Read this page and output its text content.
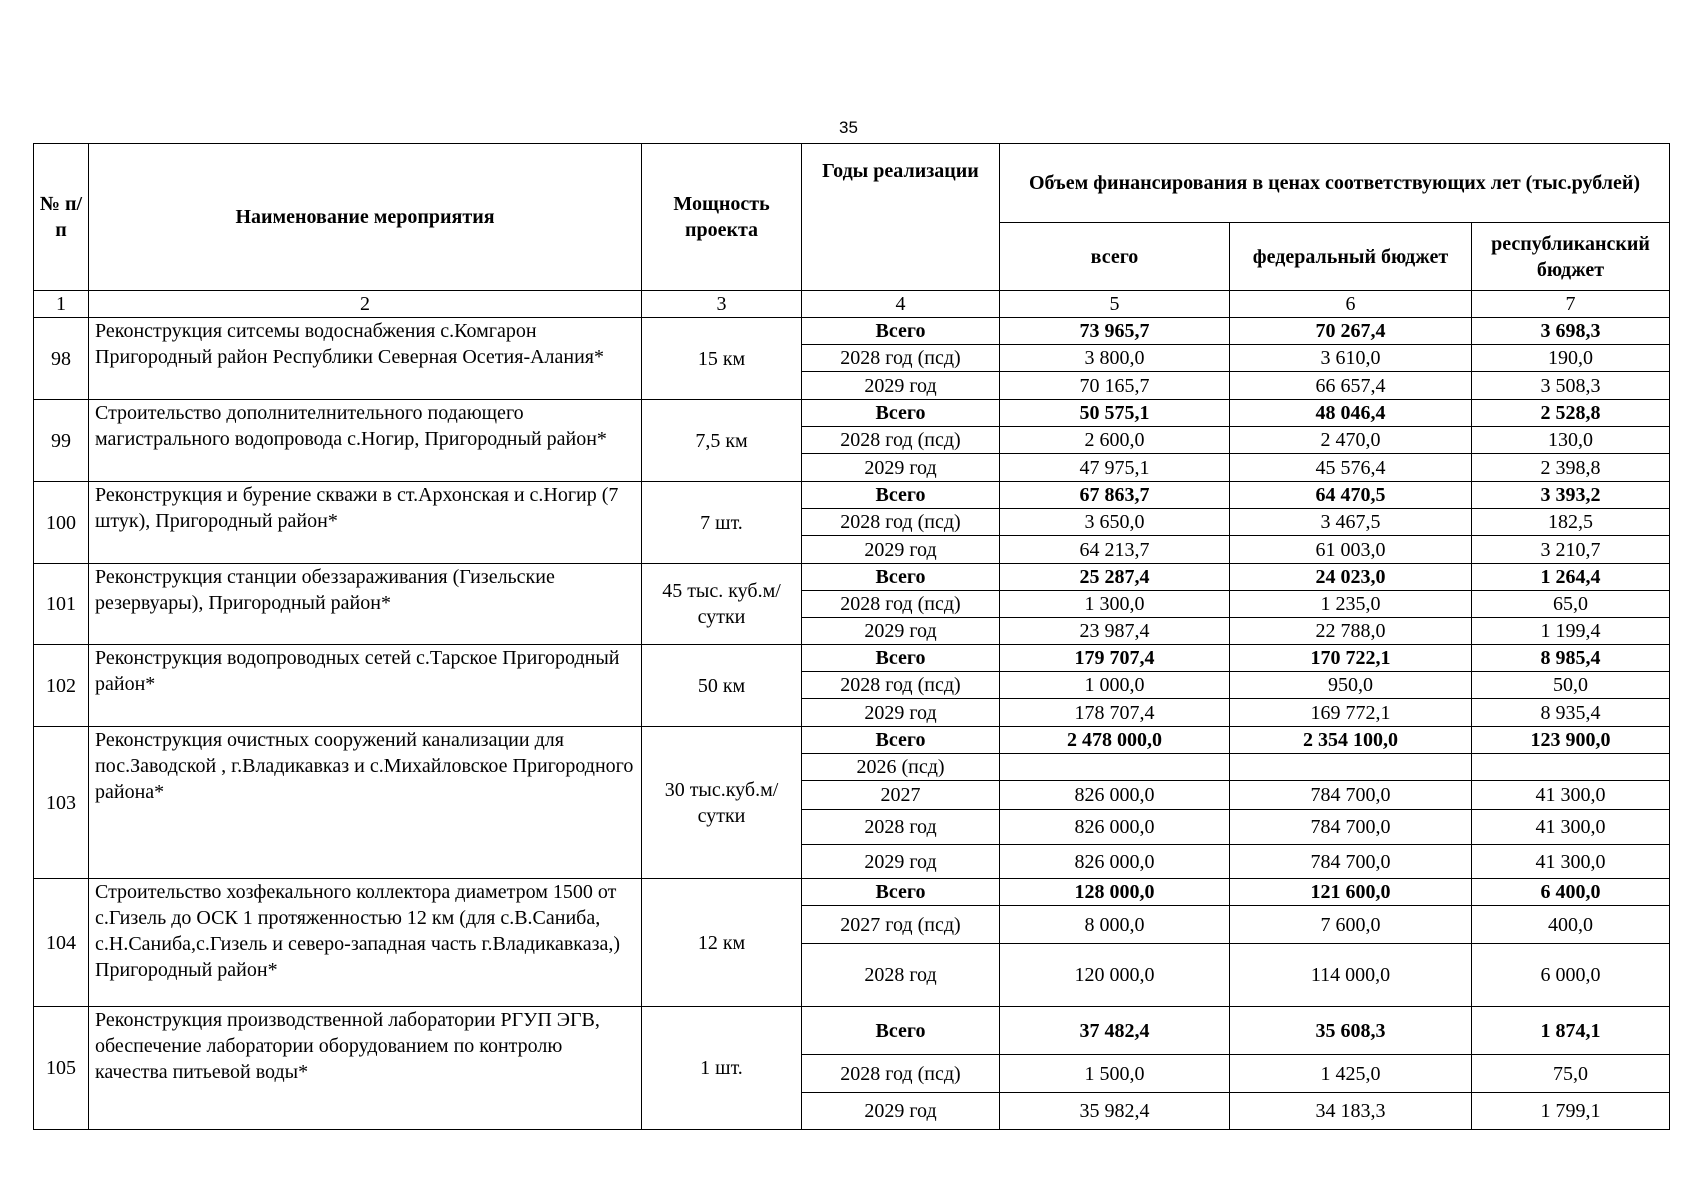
35
№ п/п	Наименование мероприятия	Мощность проекта	Годы реализации	Объем финансирования в ценах соответствующих лет (тыс.рублей)		
				всего	федеральный бюджет	республиканский бюджет
1	2	3	4	5	6	7
98	Реконструкция ситсемы водоснабжения с.Комгарон Пригородный район Республики Северная Осетия-Алания*	15 км	Всего	73 965,7	70 267,4	3 698,3
			2028 год (псд)	3 800,0	3 610,0	190,0
			2029 год	70 165,7	66 657,4	3 508,3
99	Строительство дополнителнительного подающего магистрального водопровода с.Ногир, Пригородный район*	7,5 км	Всего	50 575,1	48 046,4	2 528,8
			2028 год (псд)	2 600,0	2 470,0	130,0
			2029 год	47 975,1	45 576,4	2 398,8
100	Реконструкция и бурение скважи в ст.Архонская и с.Ногир (7 штук), Пригородный район*	7 шт.	Всего	67 863,7	64 470,5	3 393,2
			2028 год (псд)	3 650,0	3 467,5	182,5
			2029 год	64 213,7	61 003,0	3 210,7
101	Реконструкция станции обеззараживания (Гизельские резервуары), Пригородный район*	45 тыс. куб.м/сутки	Всего	25 287,4	24 023,0	1 264,4
			2028 год (псд)	1 300,0	1 235,0	65,0
			2029 год	23 987,4	22 788,0	1 199,4
102	Реконструкция водопроводных сетей с.Тарское Пригородный район*	50 км	Всего	179 707,4	170 722,1	8 985,4
			2028 год (псд)	1 000,0	950,0	50,0
			2029 год	178 707,4	169 772,1	8 935,4
103	Реконструкция очистных сооружений канализации для пос.Заводской , г.Владикавказ и с.Михайловское Пригородного района*	30 тыс.куб.м/сутки	Всего	2 478 000,0	2 354 100,0	123 900,0
			2026 (псд)			
			2027	826 000,0	784 700,0	41 300,0
			2028 год	826 000,0	784 700,0	41 300,0
			2029 год	826 000,0	784 700,0	41 300,0
104	Строительство хозфекального коллектора диаметром 1500 от с.Гизель до ОСК 1 протяженностью 12 км (для с.В.Саниба, с.Н.Саниба,с.Гизель и северо-западная часть г.Владикавказа,) Пригородный район*	12 км	Всего	128 000,0	121 600,0	6 400,0
			2027 год (псд)	8 000,0	7 600,0	400,0
			2028 год	120 000,0	114 000,0	6 000,0
105	Реконструкция производственной лаборатории РГУП ЭГВ, обеспечение лаборатории оборудованием по контролю качества питьевой воды*	1 шт.	Всего	37 482,4	35 608,3	1 874,1
			2028 год (псд)	1 500,0	1 425,0	75,0
			2029 год	35 982,4	34 183,3	1 799,1
